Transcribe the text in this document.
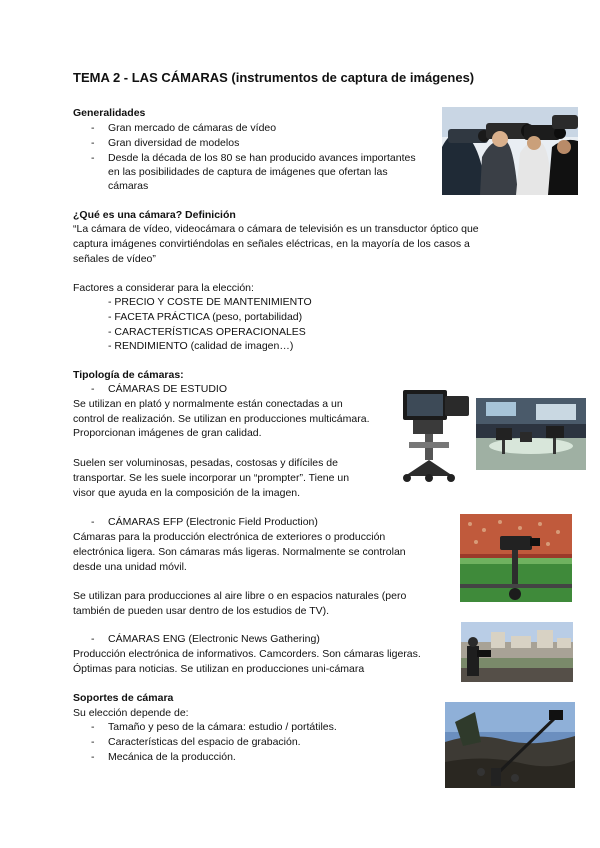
TEMA 2 - LAS CÁMARAS (instrumentos de captura de imágenes)
Generalidades
- Gran mercado de cámaras de vídeo
- Gran diversidad de modelos
- Desde la década de los 80 se han producido avances importantes
en las posibilidades de captura de imágenes que ofertan las
cámaras
¿Qué es una cámara? Definición
“La cámara de vídeo, videocámara o cámara de televisión es un transductor óptico que
captura imágenes convirtiéndolas en señales eléctricas, en la mayoría de los casos a
señales de vídeo”
Factores a considerar para la elección:
- PRECIO Y COSTE DE MANTENIMIENTO
- FACETA PRÁCTICA (peso, portabilidad)
- CARACTERÍSTICAS OPERACIONALES
- RENDIMIENTO (calidad de imagen…)
Tipología de cámaras:
- CÁMARAS DE ESTUDIO
Se utilizan en plató y normalmente están conectadas a un
control de realización. Se utilizan en producciones multicámara.
Proporcionan imágenes de gran calidad.
Suelen ser voluminosas, pesadas, costosas y difíciles de
transportar. Se les suele incorporar un “prompter”. Tiene un
visor que ayuda en la composición de la imagen.
- CÁMARAS EFP (Electronic Field Production)
Cámaras para la producción electrónica de exteriores o producción
electrónica ligera. Son cámaras más ligeras. Normalmente se controlan
desde una unidad móvil.
Se utilizan para producciones al aire libre o en espacios naturales (pero
también de pueden usar dentro de los estudios de TV).
- CÁMARAS ENG (Electronic News Gathering)
Producción electrónica de informativos. Camcorders. Son cámaras ligeras.
Óptimas para noticias. Se utilizan en producciones uni-cámara
Soportes de cámara
Su elección depende de:
- Tamaño y peso de la cámara: estudio / portátiles.
- Características del espacio de grabación.
- Mecánica de la producción.
